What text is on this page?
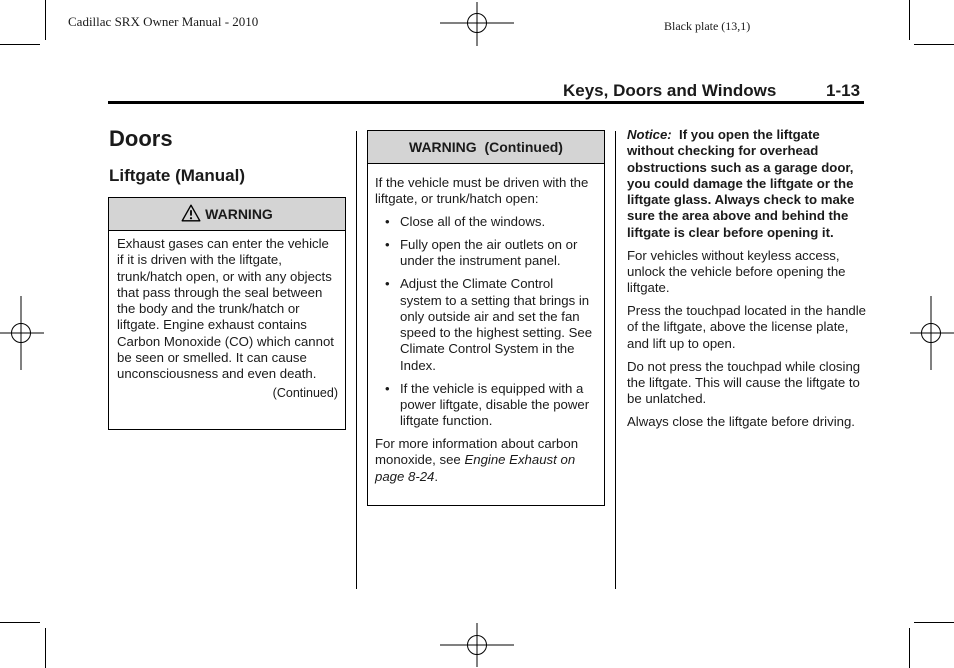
Cadillac SRX Owner Manual - 2010	Black plate (13,1)
Keys, Doors and Windows	1-13
Doors
Liftgate (Manual)
WARNING
Exhaust gases can enter the vehicle if it is driven with the liftgate, trunk/hatch open, or with any objects that pass through the seal between the body and the trunk/hatch or liftgate. Engine exhaust contains Carbon Monoxide (CO) which cannot be seen or smelled. It can cause unconsciousness and even death.
(Continued)
WARNING  (Continued)
If the vehicle must be driven with the liftgate, or trunk/hatch open:
• Close all of the windows.
• Fully open the air outlets on or under the instrument panel.
• Adjust the Climate Control system to a setting that brings in only outside air and set the fan speed to the highest setting. See Climate Control System in the Index.
• If the vehicle is equipped with a power liftgate, disable the power liftgate function.
For more information about carbon monoxide, see Engine Exhaust on page 8-24.
Notice: If you open the liftgate without checking for overhead obstructions such as a garage door, you could damage the liftgate or the liftgate glass. Always check to make sure the area above and behind the liftgate is clear before opening it.
For vehicles without keyless access, unlock the vehicle before opening the liftgate.
Press the touchpad located in the handle of the liftgate, above the license plate, and lift up to open.
Do not press the touchpad while closing the liftgate. This will cause the liftgate to be unlatched.
Always close the liftgate before driving.
